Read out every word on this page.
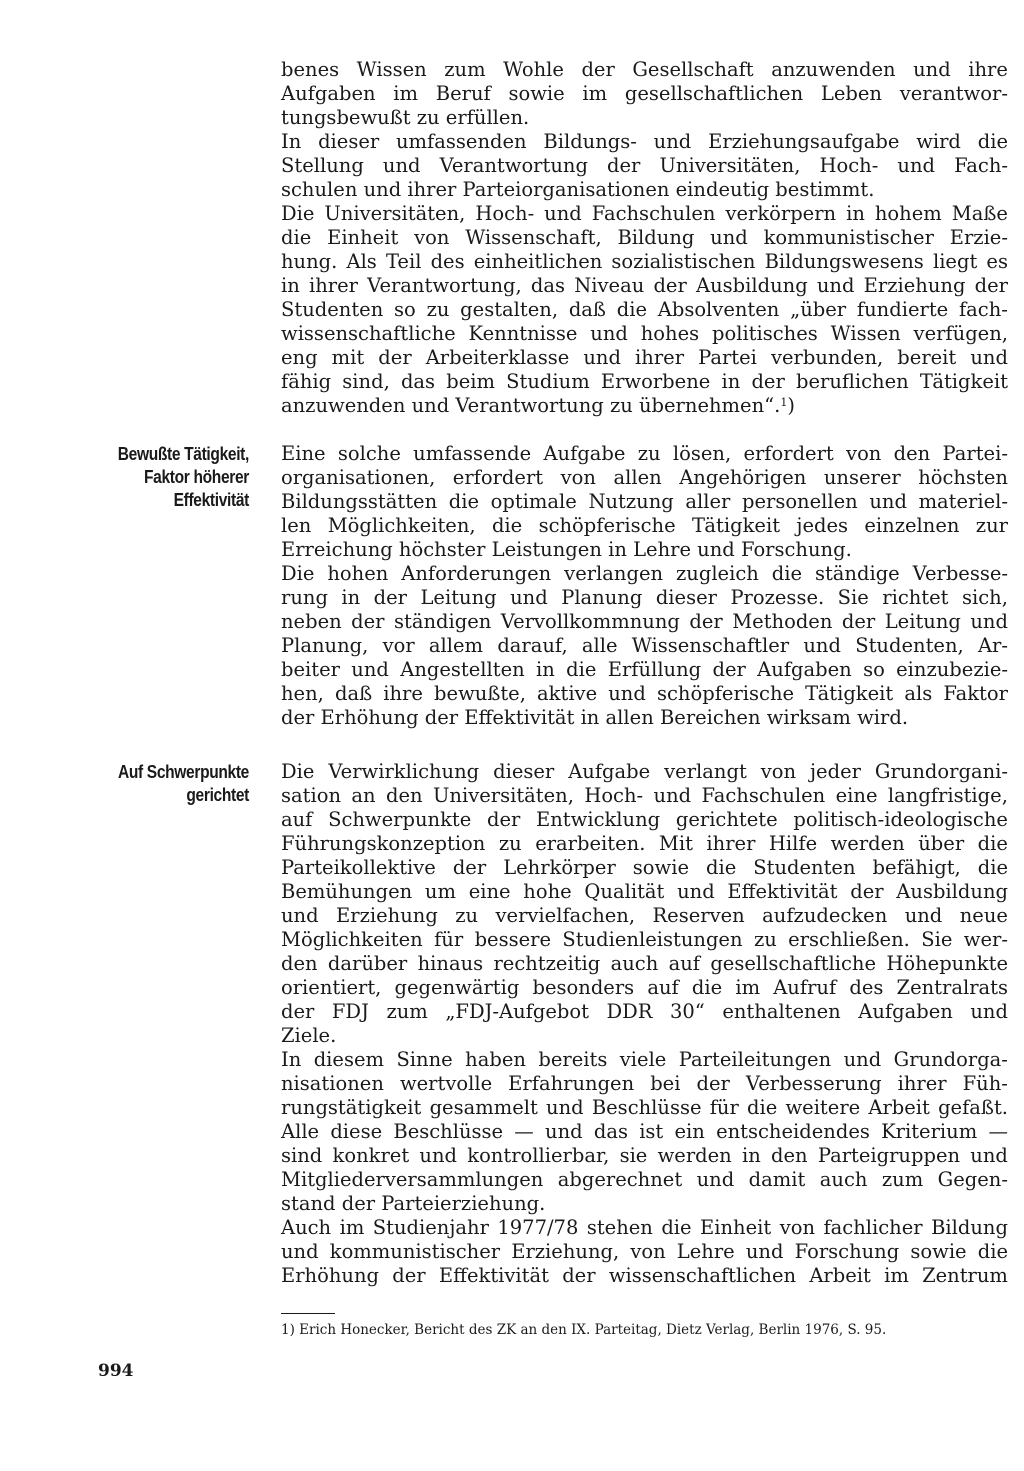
benes Wissen zum Wohle der Gesellschaft anzuwenden und ihre
Aufgaben im Beruf sowie im gesellschaftlichen Leben verantwor-
tungsbewußt zu erfüllen.
In dieser umfassenden Bildungs- und Erziehungsaufgabe wird die
Stellung und Verantwortung der Universitäten, Hoch- und Fach-
schulen und ihrer Parteiorganisationen eindeutig bestimmt.
Die Universitäten, Hoch- und Fachschulen verkörpern in hohem Maße
die Einheit von Wissenschaft, Bildung und kommunistischer Erzie-
hung. Als Teil des einheitlichen sozialistischen Bildungswesens liegt es
in ihrer Verantwortung, das Niveau der Ausbildung und Erziehung der
Studenten so zu gestalten, daß die Absolventen „über fundierte fach-
wissenschaftliche Kenntnisse und hohes politisches Wissen verfügen,
eng mit der Arbeiterklasse und ihrer Partei verbunden, bereit und
fähig sind, das beim Studium Erworbene in der beruflichen Tätigkeit
anzuwenden und Verantwortung zu übernehmen“.$^1$)
Eine solche umfassende Aufgabe zu lösen, erfordert von den Partei-
organisationen, erfordert von allen Angehörigen unserer höchsten
Bildungsstätten die optimale Nutzung aller personellen und materiel-
len Möglichkeiten, die schöpferische Tätigkeit jedes einzelnen zur
Erreichung höchster Leistungen in Lehre und Forschung.
Die hohen Anforderungen verlangen zugleich die ständige Verbesse-
rung in der Leitung und Planung dieser Prozesse. Sie richtet sich,
neben der ständigen Vervollkommnung der Methoden der Leitung und
Planung, vor allem darauf, alle Wissenschaftler und Studenten, Ar-
beiter und Angestellten in die Erfüllung der Aufgaben so einzubezie-
hen, daß ihre bewußte, aktive und schöpferische Tätigkeit als Faktor
der Erhöhung der Effektivität in allen Bereichen wirksam wird.
Die Verwirklichung dieser Aufgabe verlangt von jeder Grundorgani-
sation an den Universitäten, Hoch- und Fachschulen eine langfristige,
auf Schwerpunkte der Entwicklung gerichtete politisch-ideologische
Führungskonzeption zu erarbeiten. Mit ihrer Hilfe werden über die
Parteikollektive der Lehrkörper sowie die Studenten befähigt, die
Bemühungen um eine hohe Qualität und Effektivität der Ausbildung
und Erziehung zu vervielfachen, Reserven aufzudecken und neue
Möglichkeiten für bessere Studienleistungen zu erschließen. Sie wer-
den darüber hinaus rechtzeitig auch auf gesellschaftliche Höhepunkte
orientiert, gegenwärtig besonders auf die im Aufruf des Zentralrats
der FDJ zum „FDJ-Aufgebot DDR 30“ enthaltenen Aufgaben und
Ziele.
In diesem Sinne haben bereits viele Parteileitungen und Grundorga-
nisationen wertvolle Erfahrungen bei der Verbesserung ihrer Füh-
rungstätigkeit gesammelt und Beschlüsse für die weitere Arbeit gefaßt.
Alle diese Beschlüsse — und das ist ein entscheidendes Kriterium —
sind konkret und kontrollierbar, sie werden in den Parteigruppen und
Mitgliederversammlungen abgerechnet und damit auch zum Gegen-
stand der Parteierziehung.
Auch im Studienjahr 1977/78 stehen die Einheit von fachlicher Bildung
und kommunistischer Erziehung, von Lehre und Forschung sowie die
Erhöhung der Effektivität der wissenschaftlichen Arbeit im Zentrum
Bewußte Tätigkeit,
Faktor höherer
Effektivität
Auf Schwerpunkte
gerichtet
1) Erich Honecker, Bericht des ZK an den IX. Parteitag, Dietz Verlag, Berlin 1976, S. 95.
994
